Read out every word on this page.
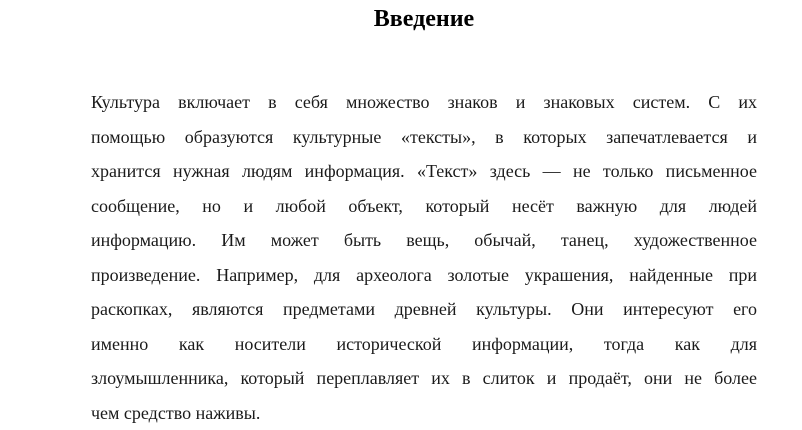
Введение
Культура включает в себя множество знаков и знаковых систем. С их
помощью образуются культурные «тексты», в которых запечатлевается и
хранится нужная людям информация. «Текст» здесь — не только письменное
сообщение, но и любой объект, который несёт важную для людей
информацию. Им может быть вещь, обычай, танец, художественное
произведение. Например, для археолога золотые украшения, найденные при
раскопках, являются предметами древней культуры. Они интересуют его
именно как носители исторической информации, тогда как для
злоумышленника, который переплавляет их в слиток и продаёт, они не более
чем средство наживы.
